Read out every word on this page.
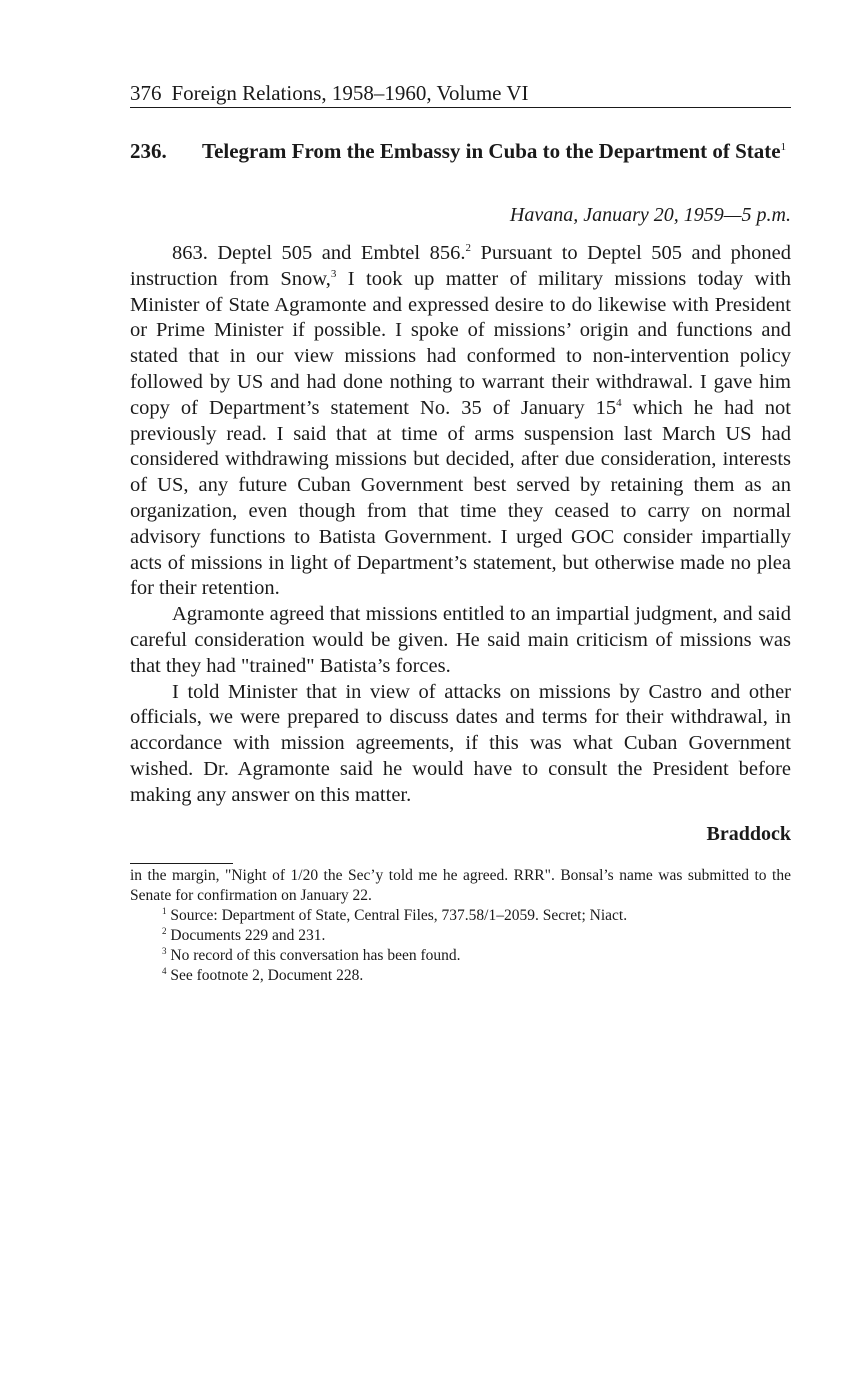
376 Foreign Relations, 1958–1960, Volume VI
236.	Telegram From the Embassy in Cuba to the Department of State$^1$
Havana, January 20, 1959—5 p.m.

863. Deptel 505 and Embtel 856.$^2$ Pursuant to Deptel 505 and phoned instruction from Snow,$^3$ I took up matter of military missions today with Minister of State Agramonte and expressed desire to do likewise with President or Prime Minister if possible. I spoke of missions’ origin and functions and stated that in our view missions had conformed to non-intervention policy followed by US and had done nothing to warrant their withdrawal. I gave him copy of Department’s statement No. 35 of January $15^4$ which he had not previously read. I said that at time of arms suspension last March US had considered withdrawing missions but decided, after due consideration, interests of US, any future Cuban Government best served by retaining them as an organization, even though from that time they ceased to carry on normal advisory functions to Batista Government. I urged GOC consider impartially acts of missions in light of Department’s statement, but otherwise made no plea for their retention.

Agramonte agreed that missions entitled to an impartial judgment, and said careful consideration would be given. He said main criticism of missions was that they had "trained" Batista’s forces.

I told Minister that in view of attacks on missions by Castro and other officials, we were prepared to discuss dates and terms for their withdrawal, in accordance with mission agreements, if this was what Cuban Government wished. Dr. Agramonte said he would have to consult the President before making any answer on this matter.

Braddock

in the margin, "Night of 1/20 the Sec’y told me he agreed. RRR". Bonsal’s name was submitted to the Senate for confirmation on January 22.

$^1$ Source: Department of State, Central Files, 737.58/1–2059. Secret; Niact.

$^2$ Documents 229 and 231.

$^3$ No record of this conversation has been found.

$^4$ See footnote 2, Document 228.
